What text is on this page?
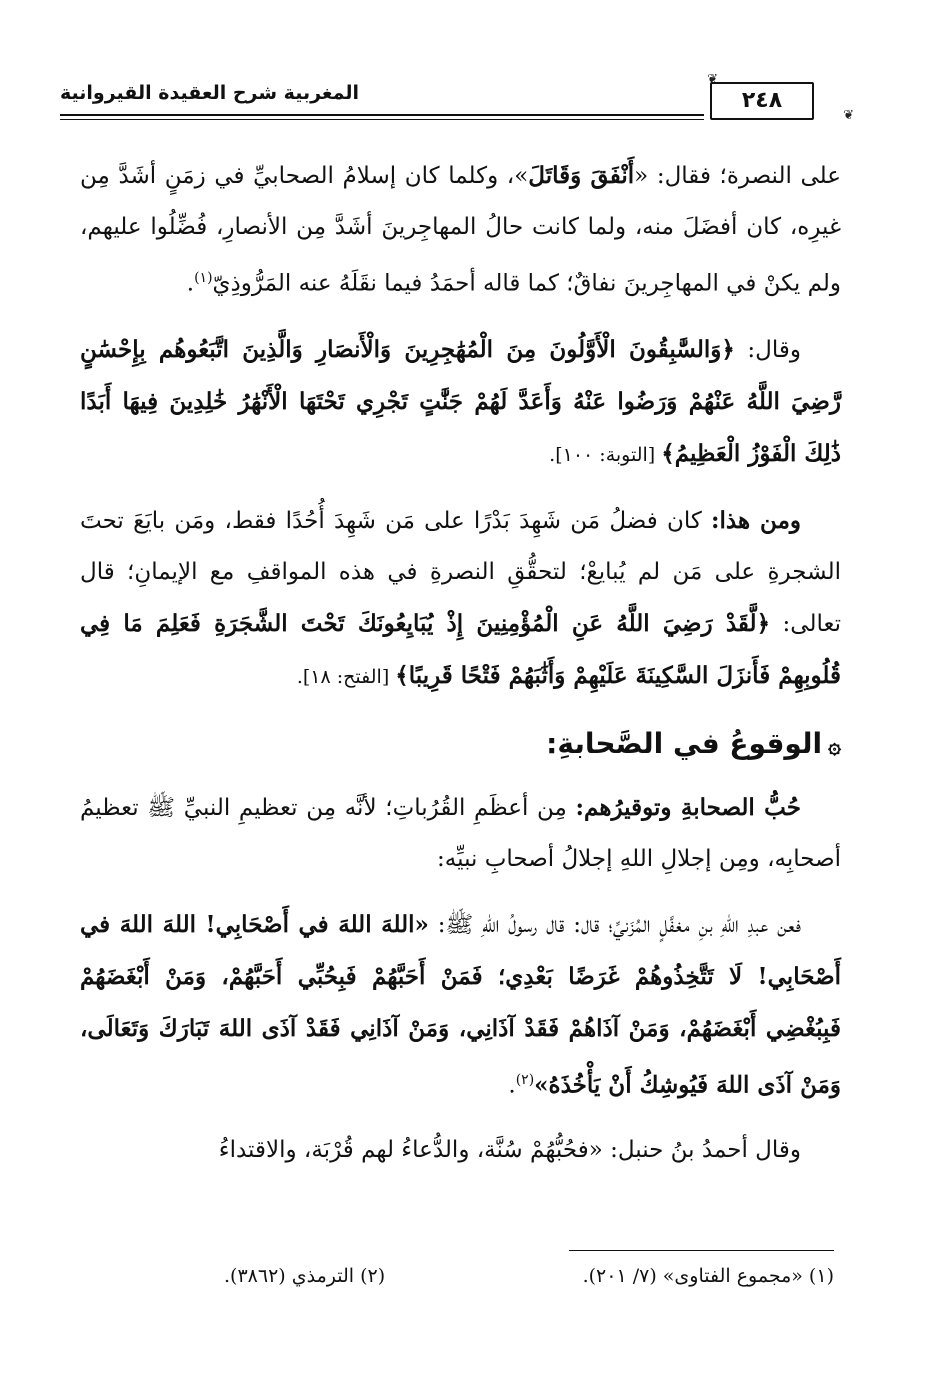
المغربية شرح العقيدة القيروانية
❦
٢٤٨
❦

على النصرة؛ فقال: «أَنْفَقَ وَقَاتَلَ»، وكلما كان إسلامُ الصحابيِّ في زمَنٍ أشَدَّ مِن غيرِه، كان أفضَلَ منه، ولما كانت حالُ المهاجِرينَ أشَدَّ مِن الأنصارِ، فُضِّلُوا عليهم، ولم يكنْ في المهاجِرينَ نفاقٌ؛ كما قاله أحمَدُ فيما نقَلَهُ عنه المَرُّوذِيّ$^{(١)}$.

وقال: ﴿وَالسَّٰبِقُونَ الْأَوَّلُونَ مِنَ الْمُهَٰجِرِينَ وَالْأَنصَارِ وَالَّذِينَ اتَّبَعُوهُم بِإِحْسَٰنٍ رَّضِيَ اللَّهُ عَنْهُمْ وَرَضُوا عَنْهُ وَأَعَدَّ لَهُمْ جَنَّٰتٍ تَجْرِي تَحْتَهَا الْأَنْهَٰرُ خَٰلِدِينَ فِيهَا أَبَدًا ذَٰلِكَ الْفَوْزُ الْعَظِيمُ﴾ [التوبة: ١٠٠].

ومن هذا: كان فضلُ مَن شَهِدَ بَدْرًا على مَن شَهِدَ أُحُدًا فقط، ومَن بايَعَ تحتَ الشجرةِ على مَن لم يُبايعْ؛ لتحقُّقِ النصرةِ في هذه المواقفِ مع الإيمانِ؛ قال تعالى: ﴿لَّقَدْ رَضِيَ اللَّهُ عَنِ الْمُؤْمِنِينَ إِذْ يُبَايِعُونَكَ تَحْتَ الشَّجَرَةِ فَعَلِمَ مَا فِي قُلُوبِهِمْ فَأَنزَلَ السَّكِينَةَ عَلَيْهِمْ وَأَثَٰبَهُمْ فَتْحًا قَرِيبًا﴾ [الفتح: ١٨].

۞الوقوعُ في الصَّحابةِ:

حُبُّ الصحابةِ وتوقيرُهم: مِن أعظَمِ القُرُباتِ؛ لأنَّه مِن تعظيمِ النبيِّ ﷺ تعظيمُ أصحابِه، ومِن إجلالِ اللهِ إجلالُ أصحابِ نبيِّه:

فعن عبدِ اللهِ بنِ مغفَّلٍ المُزَنيِّ؛ قال: قال رسولُ اللهِ ﷺ: «اللهَ اللهَ في أَصْحَابِي! اللهَ اللهَ في أَصْحَابِي! لَا تَتَّخِذُوهُمْ غَرَضًا بَعْدِي؛ فَمَنْ أَحَبَّهُمْ فَبِحُبِّي أَحَبَّهُمْ، وَمَنْ أَبْغَضَهُمْ فَبِبُغْضِي أَبْغَضَهُمْ، وَمَنْ آذَاهُمْ فَقَدْ آذَانِي، وَمَنْ آذَانِي فَقَدْ آذَى اللهَ تَبَارَكَ وَتَعَالَى، وَمَنْ آذَى اللهَ فَيُوشِكُ أَنْ يَأْخُذَهُ»$^{(٢)}$.

وقال أحمدُ بنُ حنبل: «فحُبُّهُمْ سُنَّة، والدُّعاءُ لهم قُرْبَة، والاقتداءُ

(١) «مجموع الفتاوى» (٧/ ٢٠١).
(٢) الترمذي (٣٨٦٢).
